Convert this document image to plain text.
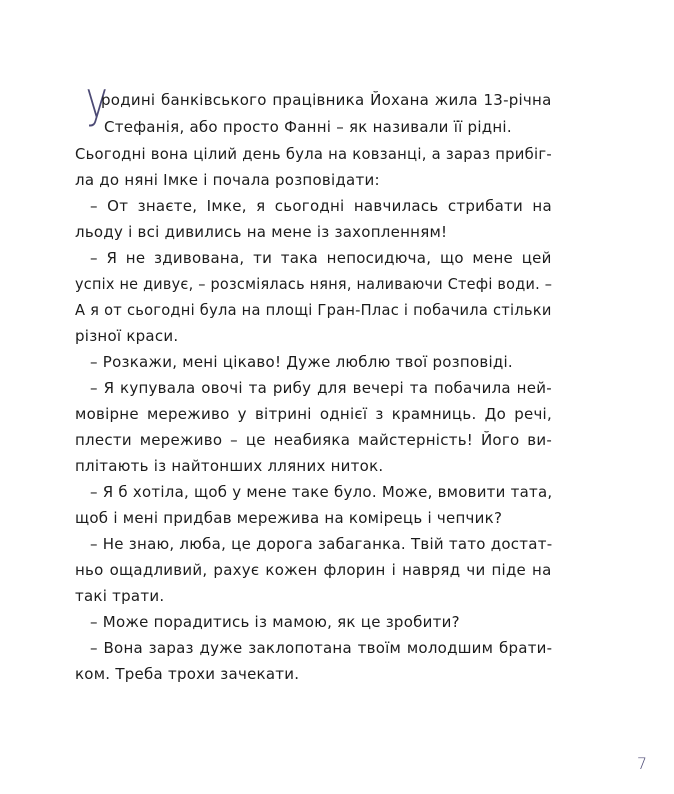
У
родині банківського працівника Йохана жила 13-річна
Стефанія, або просто Фанні – як називали її рідні.
Сьогодні вона цілий день була на ковзанці, а зараз прибіг-
ла до няні Імке і почала розповідати:
– От знаєте, Імке, я сьогодні навчилась стрибати на
льоду і всі дивились на мене із захопленням!
– Я не здивована, ти така непосидюча, що мене цей
успіх не дивує, – розсміялась няня, наливаючи Стефі води. –
А я от сьогодні була на площі Гран-Плас і побачила стільки
різної краси.
– Розкажи, мені цікаво! Дуже люблю твої розповіді.
– Я купувала овочі та рибу для вечері та побачила ней-
мовірне мереживо у вітрині однієї з крамниць. До речі,
плести мереживо – це неабияка майстерність! Його ви-
плітають із найтонших лляних ниток.
– Я б хотіла, щоб у мене таке було. Може, вмовити тата,
щоб і мені придбав мережива на комірець і чепчик?
– Не знаю, люба, це дорога забаганка. Твій тато достат-
ньо ощадливий, рахує кожен флорин і навряд чи піде на
такі трати.
– Може порадитись із мамою, як це зробити?
– Вона зараз дуже заклопотана твоїм молодшим брати-
ком. Треба трохи зачекати.
7
